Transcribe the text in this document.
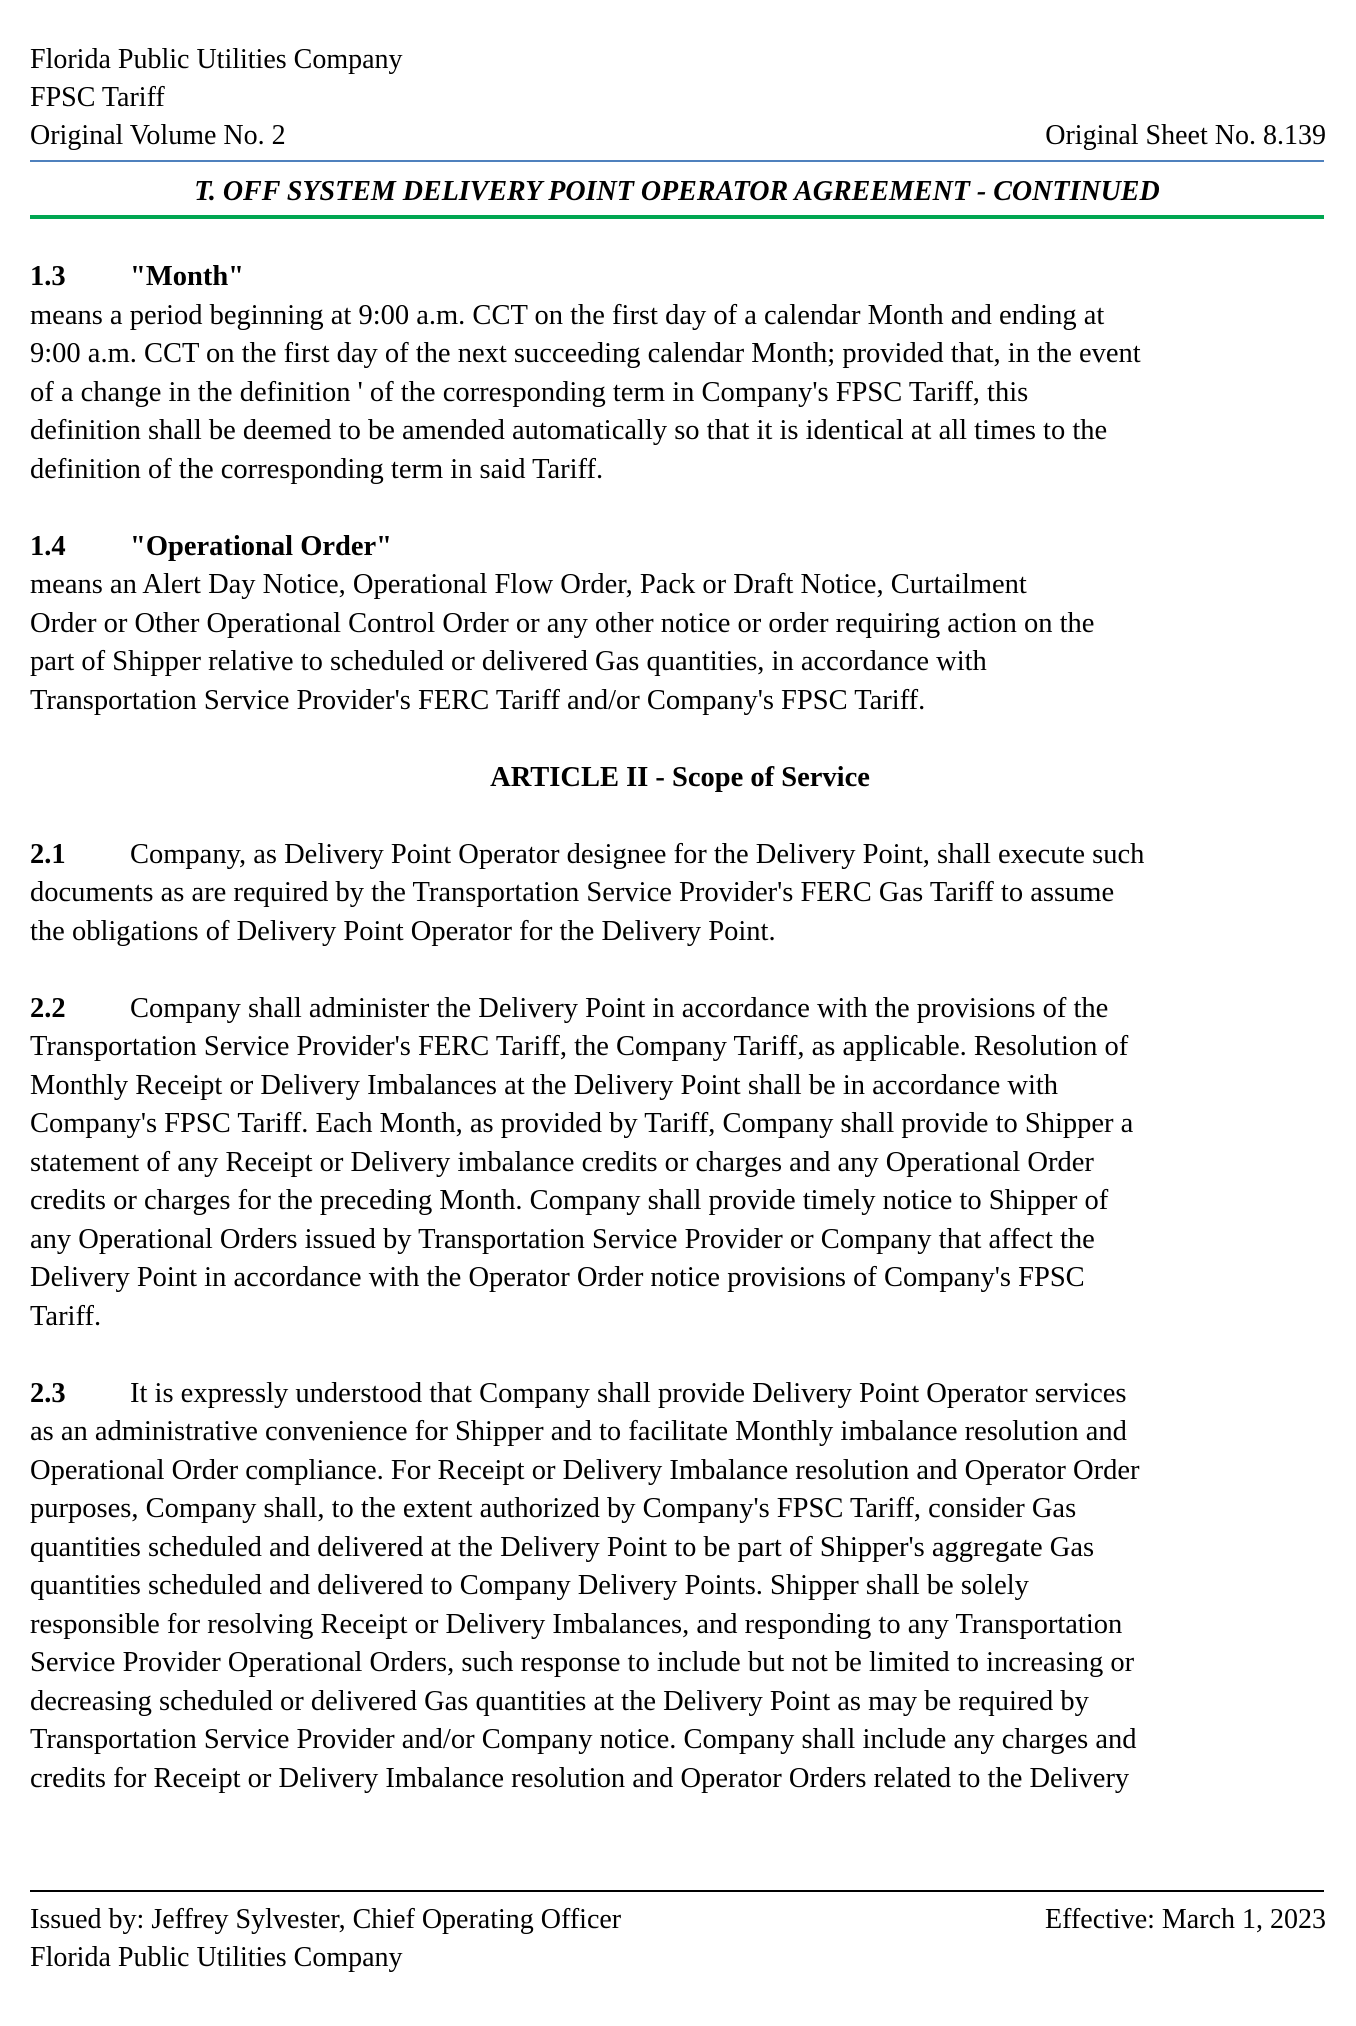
Florida Public Utilities Company
FPSC Tariff
Original Volume No. 2	Original Sheet No. 8.139
T. OFF SYSTEM DELIVERY POINT OPERATOR AGREEMENT - CONTINUED
1.3 "Month"

means a period beginning at 9:00 a.m. CCT on the first day of a calendar Month and ending at
9:00 a.m. CCT on the first day of the next succeeding calendar Month; provided that, in the event
of a change in the definition ' of the corresponding term in Company's FPSC Tariff, this
definition shall be deemed to be amended automatically so that it is identical at all times to the
definition of the corresponding term in said Tariff.

1.4 "Operational Order"

means an Alert Day Notice, Operational Flow Order, Pack or Draft Notice, Curtailment
Order or Other Operational Control Order or any other notice or order requiring action on the
part of Shipper relative to scheduled or delivered Gas quantities, in accordance with
Transportation Service Provider's FERC Tariff and/or Company's FPSC Tariff.

ARTICLE II - Scope of Service

2.1 Company, as Delivery Point Operator designee for the Delivery Point, shall execute such
documents as are required by the Transportation Service Provider's FERC Gas Tariff to assume
the obligations of Delivery Point Operator for the Delivery Point.

2.2 Company shall administer the Delivery Point in accordance with the provisions of the
Transportation Service Provider's FERC Tariff, the Company Tariff, as applicable. Resolution of
Monthly Receipt or Delivery Imbalances at the Delivery Point shall be in accordance with
Company's FPSC Tariff. Each Month, as provided by Tariff, Company shall provide to Shipper a
statement of any Receipt or Delivery imbalance credits or charges and any Operational Order
credits or charges for the preceding Month. Company shall provide timely notice to Shipper of
any Operational Orders issued by Transportation Service Provider or Company that affect the
Delivery Point in accordance with the Operator Order notice provisions of Company's FPSC
Tariff.

2.3 It is expressly understood that Company shall provide Delivery Point Operator services
as an administrative convenience for Shipper and to facilitate Monthly imbalance resolution and
Operational Order compliance. For Receipt or Delivery Imbalance resolution and Operator Order
purposes, Company shall, to the extent authorized by Company's FPSC Tariff, consider Gas
quantities scheduled and delivered at the Delivery Point to be part of Shipper's aggregate Gas
quantities scheduled and delivered to Company Delivery Points. Shipper shall be solely
responsible for resolving Receipt or Delivery Imbalances, and responding to any Transportation
Service Provider Operational Orders, such response to include but not be limited to increasing or
decreasing scheduled or delivered Gas quantities at the Delivery Point as may be required by
Transportation Service Provider and/or Company notice. Company shall include any charges and
credits for Receipt or Delivery Imbalance resolution and Operator Orders related to the Delivery

Issued by: Jeffrey Sylvester, Chief Operating Officer	Effective: March 1, 2023
Florida Public Utilities Company
